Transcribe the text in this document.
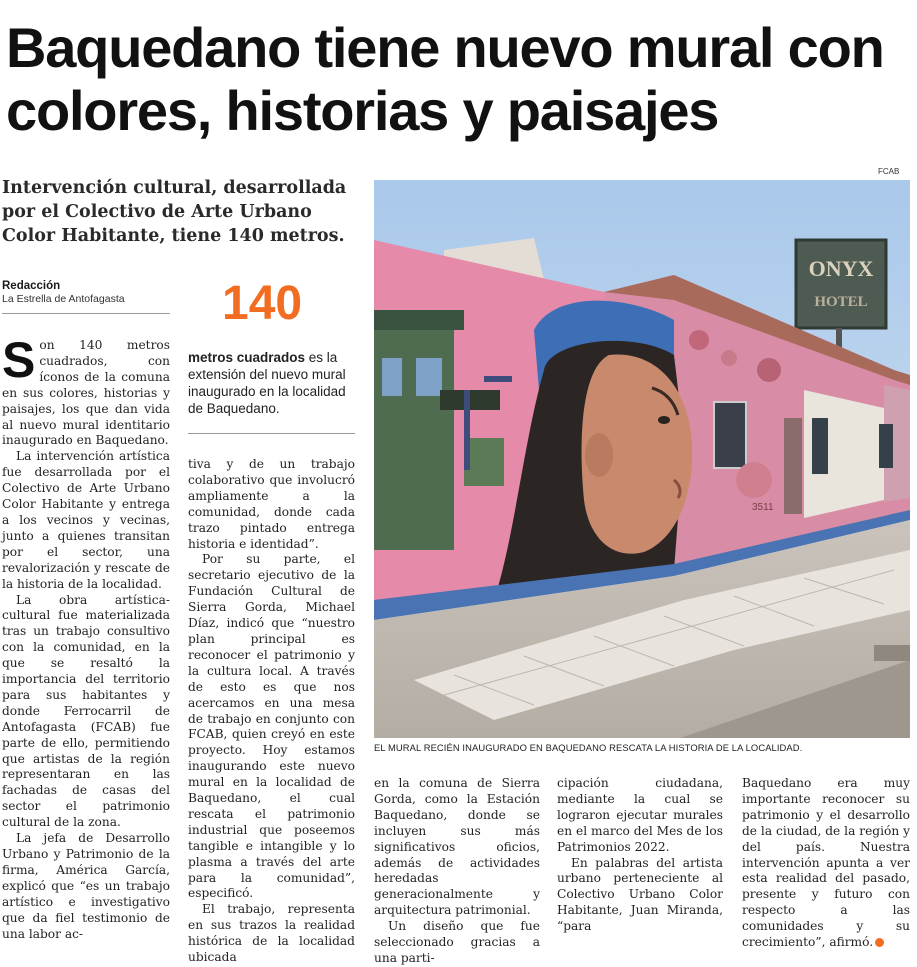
Baquedano tiene nuevo mural con colores, historias y paisajes
Intervención cultural, desarrollada por el Colectivo de Arte Urbano Color Habitante, tiene 140 metros.
Redacción
La Estrella de Antofagasta	140
metros cuadrados es la extensión del nuevo mural inaugurado en la localidad de Baquedano.

Son 140 metros cuadrados, con íconos de la comuna en sus colores, historias y paisajes, los que dan vida al nuevo mural identitario inaugurado en Baquedano.

La intervención artística fue desarrollada por el Colectivo de Arte Urbano Color Habitante y entrega a los vecinos y vecinas, junto a quienes transitan por el sector, una revalorización y rescate de la historia de la localidad.

La obra artística-cultural fue materializada tras un trabajo consultivo con la comunidad, en la que se resaltó la importancia del territorio para sus habitantes y donde Ferrocarril de Antofagasta (FCAB) fue parte de ello, permitiendo que artistas de la región representaran en las fachadas de casas del sector el patrimonio cultural de la zona.

La jefa de Desarrollo Urbano y Patrimonio de la firma, América García, explicó que “es un trabajo artístico e investigativo que da fiel testimonio de una labor ac-

tiva y de un trabajo colaborativo que involucró ampliamente a la comunidad, donde cada trazo pintado entrega historia e identidad”.

Por su parte, el secretario ejecutivo de la Fundación Cultural de Sierra Gorda, Michael Díaz, indicó que “nuestro plan principal es reconocer el patrimonio y la cultura local. A través de esto es que nos acercamos en una mesa de trabajo en conjunto con FCAB, quien creyó en este proyecto. Hoy estamos inaugurando este nuevo mural en la localidad de Baquedano, el cual rescata el patrimonio industrial que poseemos tangible e intangible y lo plasma a través del arte para la comunidad”, especificó.

El trabajo, representa en sus trazos la realidad histórica de la localidad ubicada

FCAB
ONYX
HOTEL
3511
EL MURAL RECIÉN INAUGURADO EN BAQUEDANO RESCATA LA HISTORIA DE LA LOCALIDAD.

en la comuna de Sierra Gorda, como la Estación Baquedano, donde se incluyen sus más significativos oficios, además de actividades heredadas generacionalmente y arquitectura patrimonial.

Un diseño que fue seleccionado gracias a una parti-

cipación ciudadana, mediante la cual se lograron ejecutar murales en el marco del Mes de los Patrimonios 2022.

En palabras del artista urbano perteneciente al Colectivo Urbano Color Habitante, Juan Miranda, “para

Baquedano era muy importante reconocer su patrimonio y el desarrollo de la ciudad, de la región y del país. Nuestra intervención apunta a ver esta realidad del pasado, presente y futuro con respecto a las comunidades y su crecimiento”, afirmó.
